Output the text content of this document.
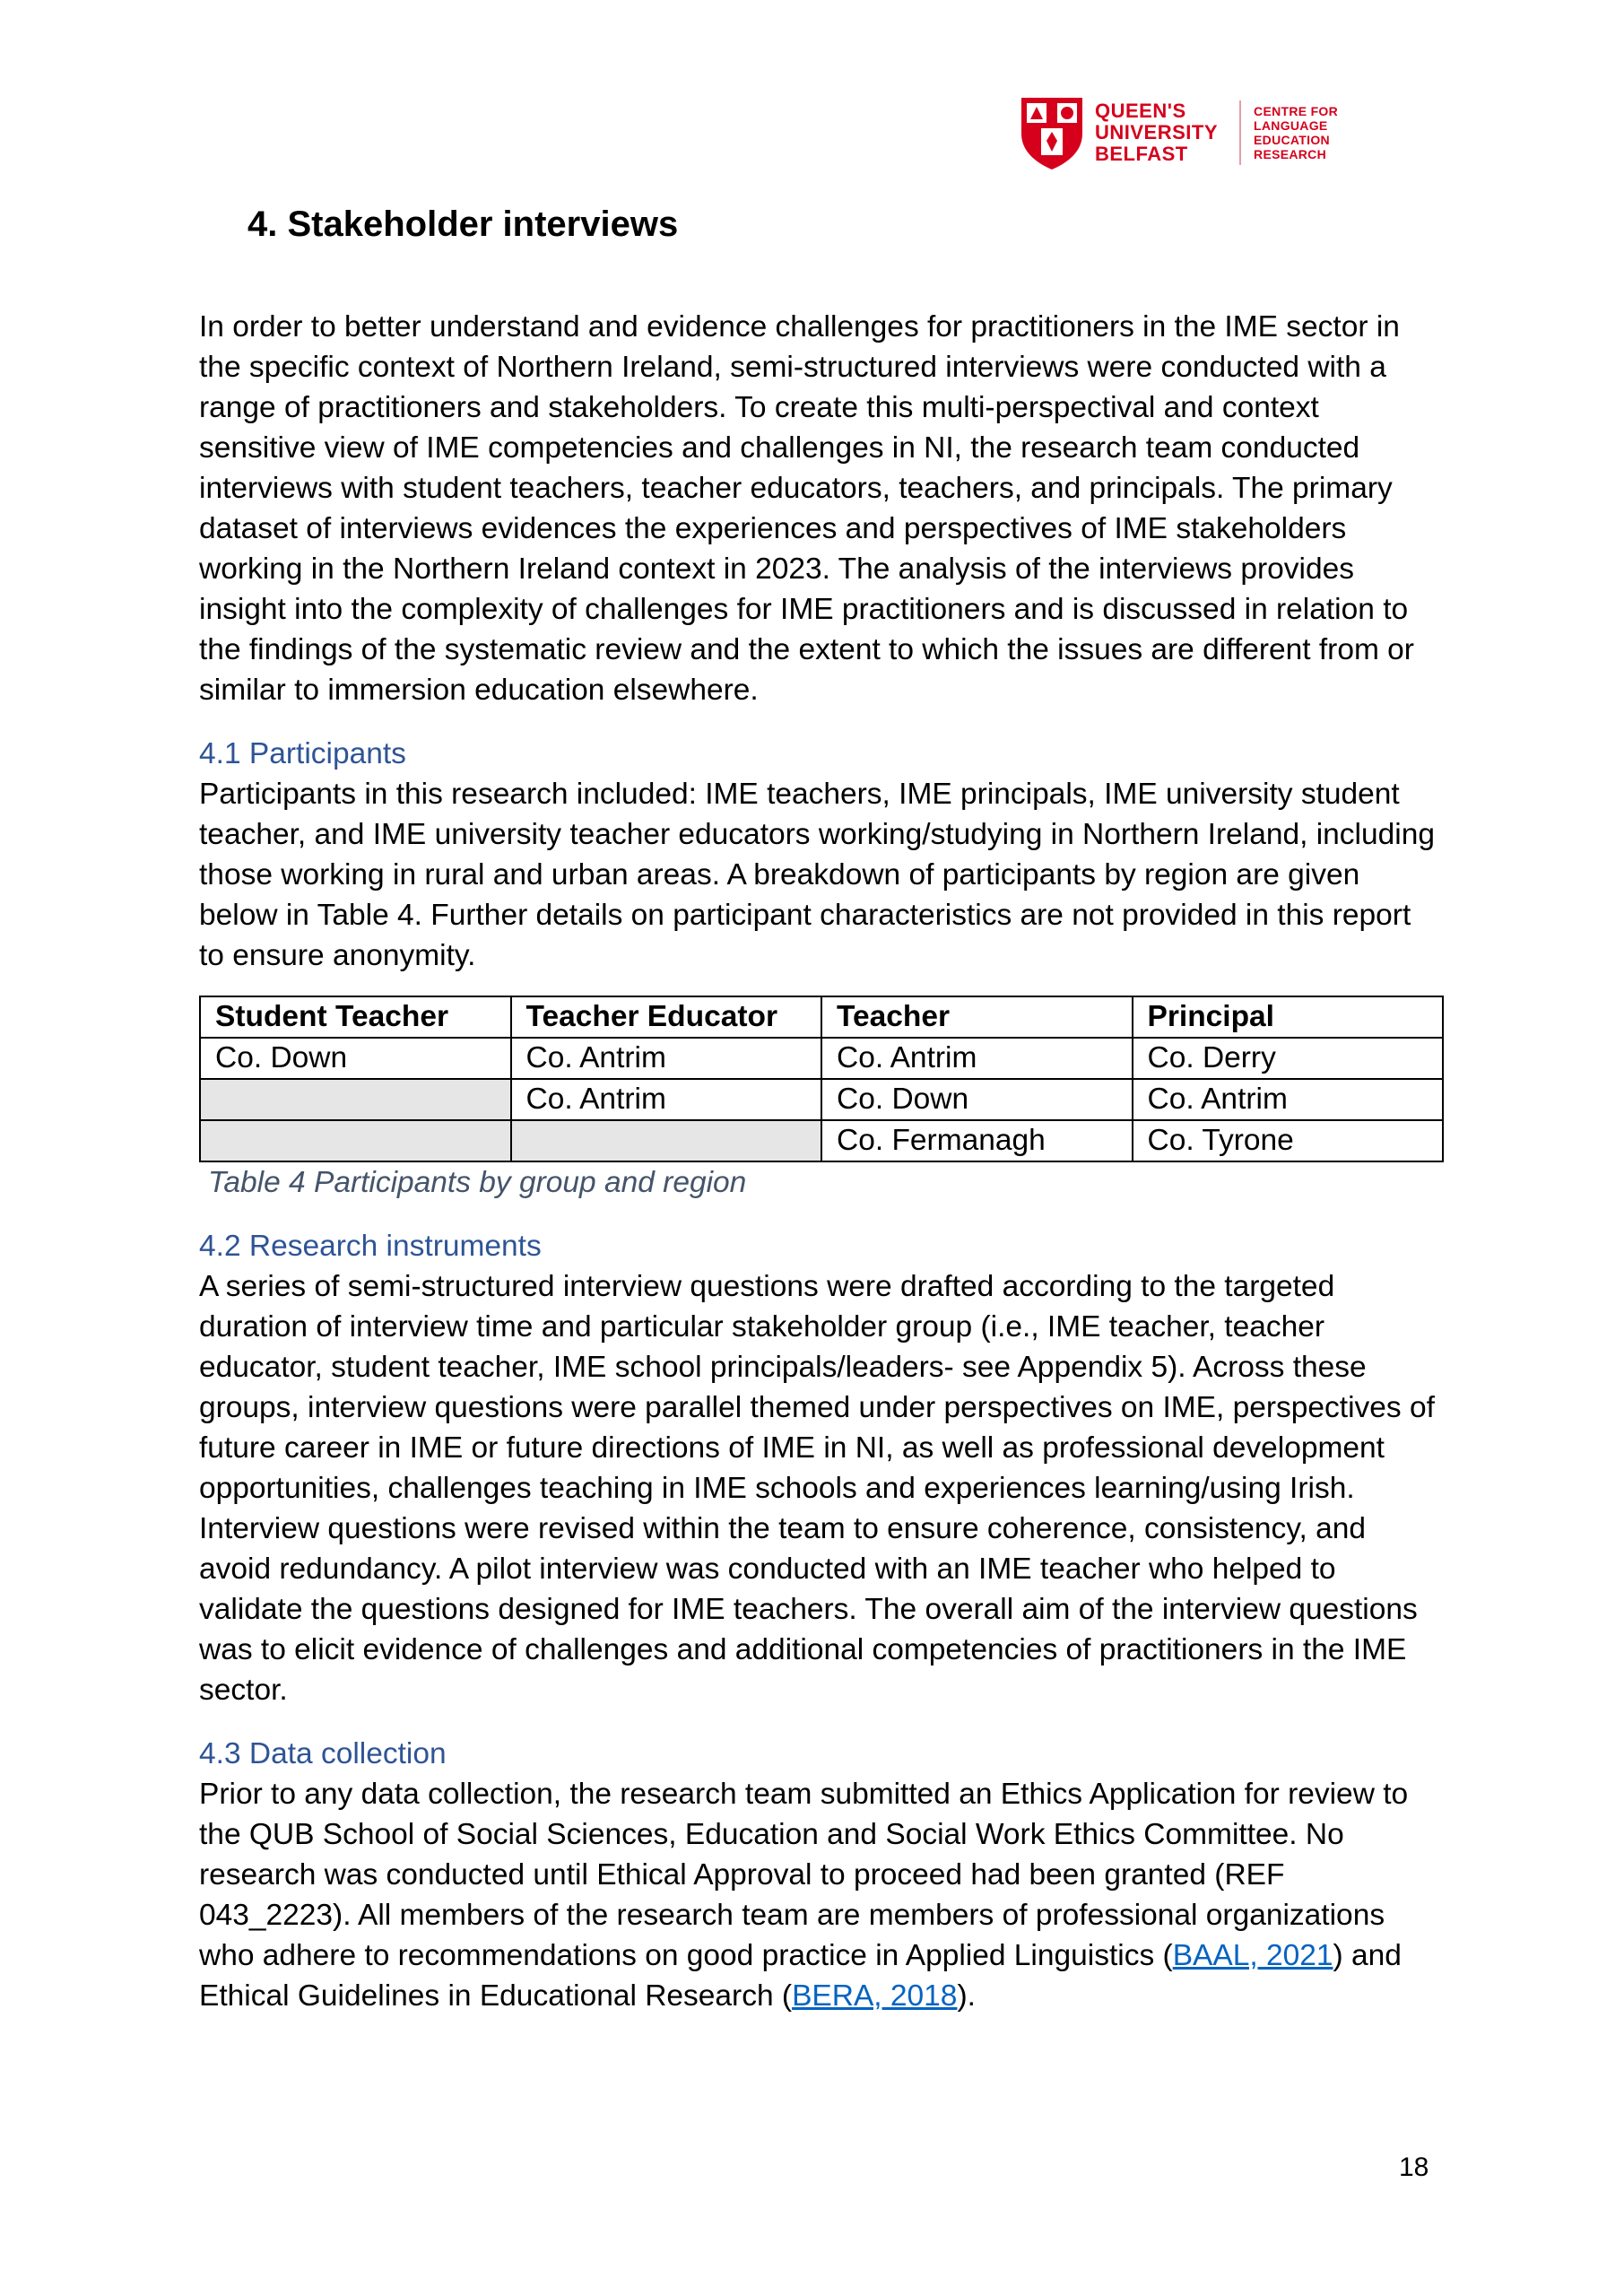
QUEEN'S
UNIVERSITY
BELFAST
CENTRE FOR
LANGUAGE
EDUCATION
RESEARCH
4. Stakeholder interviews

In order to better understand and evidence challenges for practitioners in the IME sector in the specific context of Northern Ireland, semi-structured interviews were conducted with a range of practitioners and stakeholders. To create this multi-perspectival and context sensitive view of IME competencies and challenges in NI, the research team conducted interviews with student teachers, teacher educators, teachers, and principals. The primary dataset of interviews evidences the experiences and perspectives of IME stakeholders working in the Northern Ireland context in 2023. The analysis of the interviews provides insight into the complexity of challenges for IME practitioners and is discussed in relation to the findings of the systematic review and the extent to which the issues are different from or similar to immersion education elsewhere.

4.1 Participants

Participants in this research included: IME teachers, IME principals, IME university student teacher, and IME university teacher educators working/studying in Northern Ireland, including those working in rural and urban areas. A breakdown of participants by region are given below in Table 4. Further details on participant characteristics are not provided in this report to ensure anonymity.

Student Teacher	Teacher Educator	Teacher	Principal
Co. Down	Co. Antrim	Co. Antrim	Co. Derry
	Co. Antrim	Co. Down	Co. Antrim
		Co. Fermanagh	Co. Tyrone

Table 4 Participants by group and region

4.2 Research instruments

A series of semi-structured interview questions were drafted according to the targeted duration of interview time and particular stakeholder group (i.e., IME teacher, teacher educator, student teacher, IME school principals/leaders- see Appendix 5). Across these groups, interview questions were parallel themed under perspectives on IME, perspectives of future career in IME or future directions of IME in NI, as well as professional development opportunities, challenges teaching in IME schools and experiences learning/using Irish. Interview questions were revised within the team to ensure coherence, consistency, and avoid redundancy. A pilot interview was conducted with an IME teacher who helped to validate the questions designed for IME teachers. The overall aim of the interview questions was to elicit evidence of challenges and additional competencies of practitioners in the IME sector.

4.3 Data collection

Prior to any data collection, the research team submitted an Ethics Application for review to the QUB School of Social Sciences, Education and Social Work Ethics Committee. No research was conducted until Ethical Approval to proceed had been granted (REF 043_2223). All members of the research team are members of professional organizations who adhere to recommendations on good practice in Applied Linguistics (BAAL, 2021) and Ethical Guidelines in Educational Research (BERA, 2018).

18
